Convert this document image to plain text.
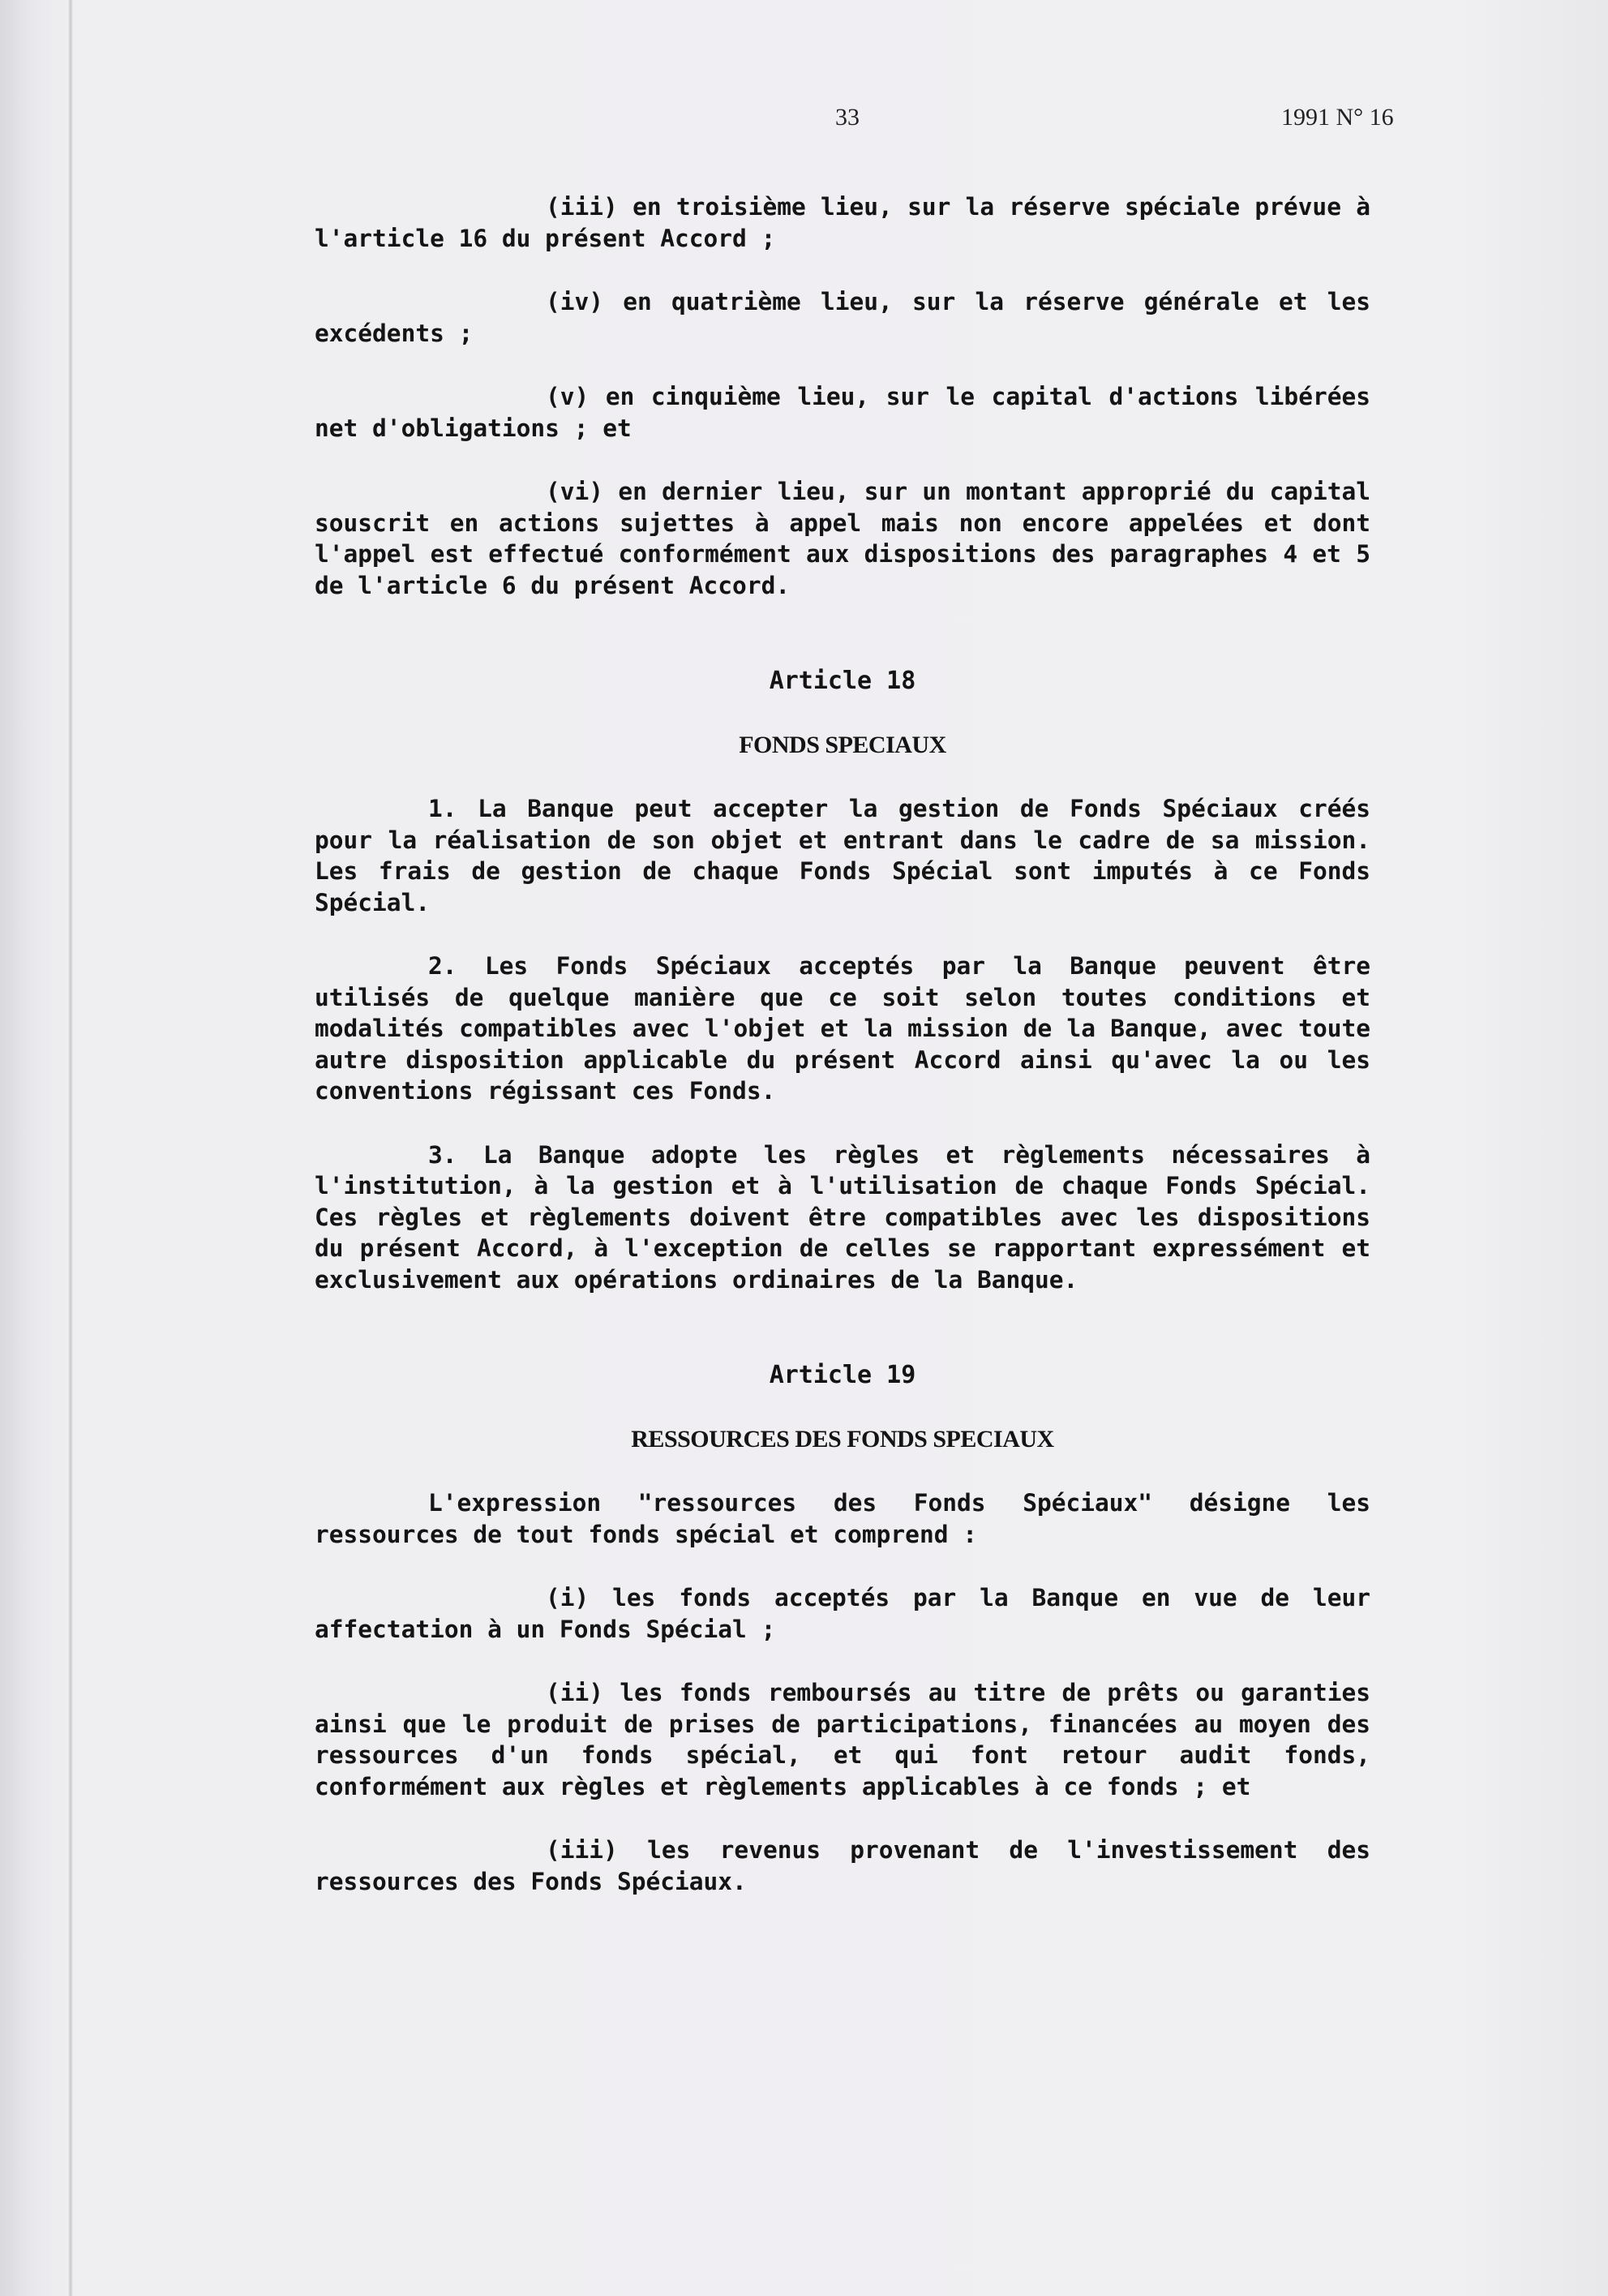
33	1991 N° 16

(iii) en troisième lieu, sur la réserve spéciale prévue à l'article 16 du présent Accord ;

(iv) en quatrième lieu, sur la réserve générale et les excédents ;

(v) en cinquième lieu, sur le capital d'actions libérées net d'obligations ; et

(vi) en dernier lieu, sur un montant approprié du capital souscrit en actions sujettes à appel mais non encore appelées et dont l'appel est effectué conformément aux dispositions des paragraphes 4 et 5 de l'article 6 du présent Accord.

Article 18

FONDS SPECIAUX

1. La Banque peut accepter la gestion de Fonds Spéciaux créés pour la réalisation de son objet et entrant dans le cadre de sa mission. Les frais de gestion de chaque Fonds Spécial sont imputés à ce Fonds Spécial.

2. Les Fonds Spéciaux acceptés par la Banque peuvent être utilisés de quelque manière que ce soit selon toutes conditions et modalités compatibles avec l'objet et la mission de la Banque, avec toute autre disposition applicable du présent Accord ainsi qu'avec la ou les conventions régissant ces Fonds.

3. La Banque adopte les règles et règlements nécessaires à l'institution, à la gestion et à l'utilisation de chaque Fonds Spécial. Ces règles et règlements doivent être compatibles avec les dispositions du présent Accord, à l'exception de celles se rapportant expressément et exclusivement aux opérations ordinaires de la Banque.

Article 19

RESSOURCES DES FONDS SPECIAUX

L'expression "ressources des Fonds Spéciaux" désigne les ressources de tout fonds spécial et comprend :

(i) les fonds acceptés par la Banque en vue de leur affectation à un Fonds Spécial ;

(ii) les fonds remboursés au titre de prêts ou garanties ainsi que le produit de prises de participations, financées au moyen des ressources d'un fonds spécial, et qui font retour audit fonds, conformément aux règles et règlements applicables à ce fonds ; et

(iii) les revenus provenant de l'investissement des ressources des Fonds Spéciaux.
